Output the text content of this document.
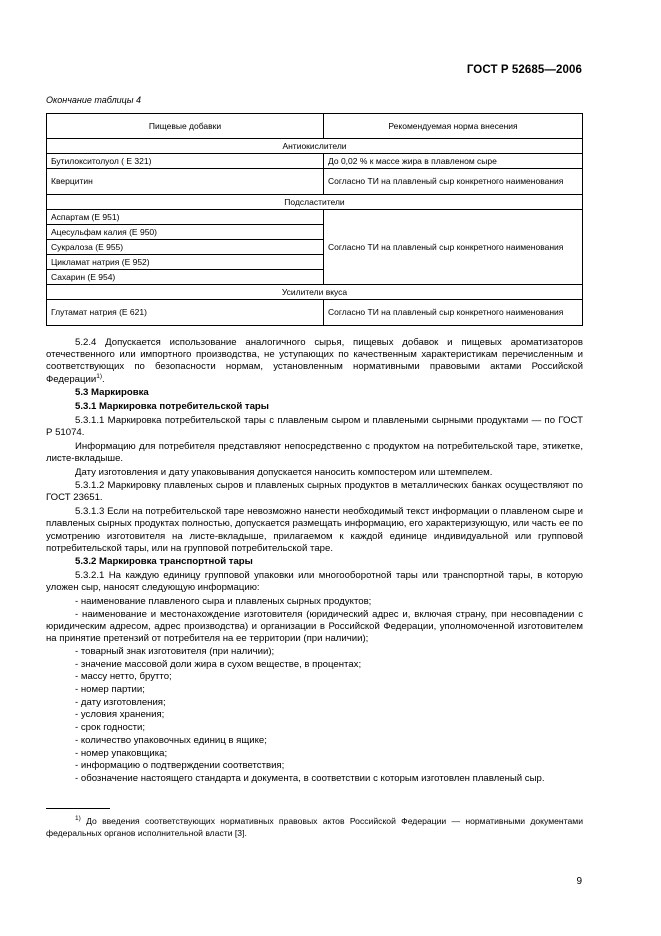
ГОСТ Р 52685—2006
Окончание таблицы 4
Пищевые добавки	Рекомендуемая норма внесения
Антиокислители	
Бутилокситолуол ( Е 321)	До 0,02 % к массе жира в плавленом сыре
Кверцитин	Согласно ТИ на плавленый сыр конкретного наименования
Подсластители	
Аспартам (Е 951)	Согласно ТИ на плавленый сыр конкретного наименования
Ацесульфам калия (Е 950)	
Сукралоза (Е 955)	
Цикламат натрия (Е 952)	
Сахарин (Е 954)	
Усилители вкуса	
Глутамат натрия (Е 621)	Согласно ТИ на плавленый сыр конкретного наименования

5.2.4 Допускается использование аналогичного сырья, пищевых добавок и пищевых ароматизаторов отечественного или импортного производства, не уступающих по качественным характеристикам перечисленным и соответствующих по безопасности нормам, установленным нормативными правовыми актами Российской Федерации$^{1)}$.

5.3 Маркировка

5.3.1 Маркировка потребительской тары

5.3.1.1 Маркировка потребительской тары с плавленым сыром и плавлеными сырными продуктами — по ГОСТ Р 51074.

Информацию для потребителя представляют непосредственно с продуктом на потребительской таре, этикетке, листе-вкладыше.

Дату изготовления и дату упаковывания допускается наносить компостером или штемпелем.

5.3.1.2 Маркировку плавленых сыров и плавленых сырных продуктов в металлических банках осуществляют по ГОСТ 23651.

5.3.1.3 Если на потребительской таре невозможно нанести необходимый текст информации о плавленом сыре и плавленых сырных продуктах полностью, допускается размещать информацию, его характеризующую, или часть ее по усмотрению изготовителя на листе-вкладыше, прилагаемом к каждой единице индивидуальной или групповой потребительской тары, или на групповой потребительской таре.

5.3.2 Маркировка транспортной тары

5.3.2.1 На каждую единицу групповой упаковки или многооборотной тары или транспортной тары, в которую уложен сыр, наносят следующую информацию:

- наименование плавленого сыра и плавленых сырных продуктов;

- наименование и местонахождение изготовителя (юридический адрес и, включая страну, при несовпадении с юридическим адресом, адрес производства) и организации в Российской Федерации, уполномоченной изготовителем на принятие претензий от потребителя на ее территории (при наличии);

- товарный знак изготовителя (при наличии);

- значение массовой доли жира в сухом веществе, в процентах;

- массу нетто, брутто;

- номер партии;

- дату изготовления;

- условия хранения;

- срок годности;

- количество упаковочных единиц в ящике;

- номер упаковщика;

- информацию о подтверждении соответствия;

- обозначение настоящего стандарта и документа, в соответствии с которым изготовлен плавленый сыр.

$^{1)}$ До введения соответствующих нормативных правовых актов Российской Федерации — нормативными документами федеральных органов исполнительной власти [3].

9
